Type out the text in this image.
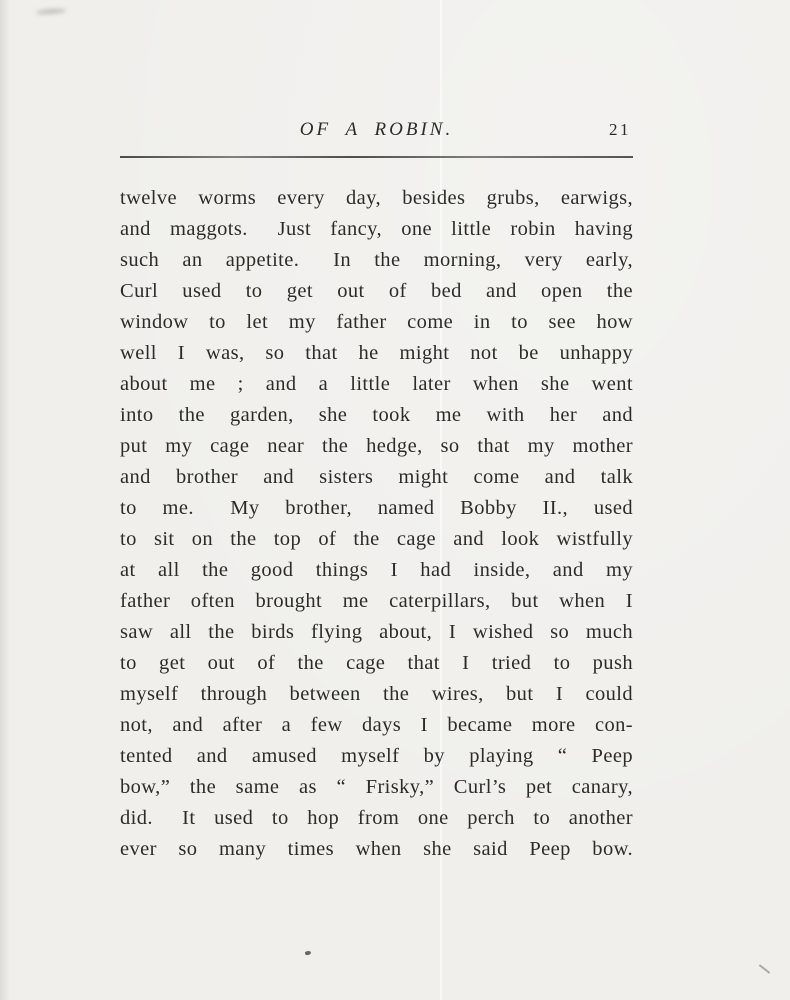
OF A ROBIN.	21
twelve worms every day, besides grubs, earwigs,
and maggots.  Just fancy, one little robin having
such an appetite.  In the morning, very early,
Curl used to get out of bed and open the
window to let my father come in to see how
well I was, so that he might not be unhappy
about me ; and a little later when she went
into the garden, she took me with her and
put my cage near the hedge, so that my mother
and brother and sisters might come and talk
to me.  My brother, named Bobby II., used
to sit on the top of the cage and look wistfully
at all the good things I had inside, and my
father often brought me caterpillars, but when I
saw all the birds flying about, I wished so much
to get out of the cage that I tried to push
myself through between the wires, but I could
not, and after a few days I became more con-
tented and amused myself by playing “ Peep
bow,” the same as “ Frisky,” Curl’s pet canary,
did.  It used to hop from one perch to another
ever so many times when she said Peep bow.
